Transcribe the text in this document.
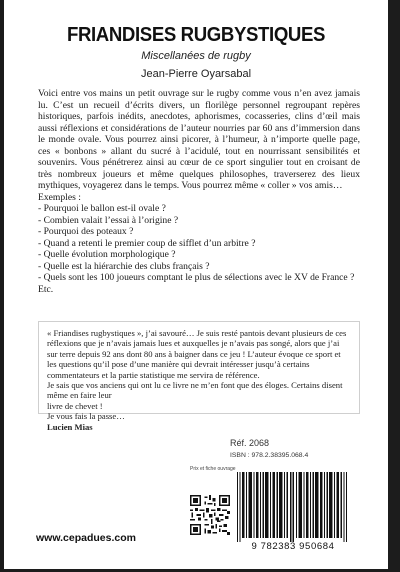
FRIANDISES RUGBYSTIQUES
Miscellanées de rugby
Jean-Pierre Oyarsabal
Voici entre vos mains un petit ouvrage sur le rugby comme vous n’en avez jamais lu. C’est un recueil d’écrits divers, un florilège personnel regroupant repères historiques, parfois inédits, anecdotes, aphorismes, cocasseries, clins d’œil mais aussi réflexions et considérations de l’auteur nourries par 60 ans d’immersion dans le monde ovale. Vous pourrez ainsi picorer, à l’humeur, à n’importe quelle page, ces « bonbons » allant du sucré à l’acidulé, tout en nourrissant sensibilités et souvenirs. Vous pénétrerez ainsi au cœur de ce sport singulier tout en croisant de très nombreux joueurs et même quelques philosophes, traverserez des lieux mythiques, voyagerez dans le temps. Vous pourrez même « coller » vos amis…
Exemples :
- Pourquoi le ballon est-il ovale ?
- Combien valait l’essai à l’origine ?
- Pourquoi des poteaux ?
- Quand a retenti le premier coup de sifflet d’un arbitre ?
- Quelle évolution morphologique ?
- Quelle est la hiérarchie des clubs français ?
- Quels sont les 100 joueurs comptant le plus de sélections avec le XV de France ?
Etc.
« Friandises rugbystiques », j’ai savouré… Je suis resté pantois devant plusieurs de ces réflexions que je n’avais jamais lues et auxquelles je n’avais pas songé, alors que j’ai sur terre depuis 92 ans dont 80 ans à baigner dans ce jeu ! L’auteur évoque ce sport et les questions qu’il pose d’une manière qui devrait intéresser jusqu’à certains commentateurs et la partie statistique me servira de référence.
Je sais que vos anciens qui ont lu ce livre ne m’en font que des éloges. Certains disent même en faire leur
livre de chevet !
Je vous fais la passe…
Lucien Mias
Réf. 2068
ISBN : 978.2.38395.068.4
Prix et fiche ouvrage
9 782383 950684
www.cepadues.com
